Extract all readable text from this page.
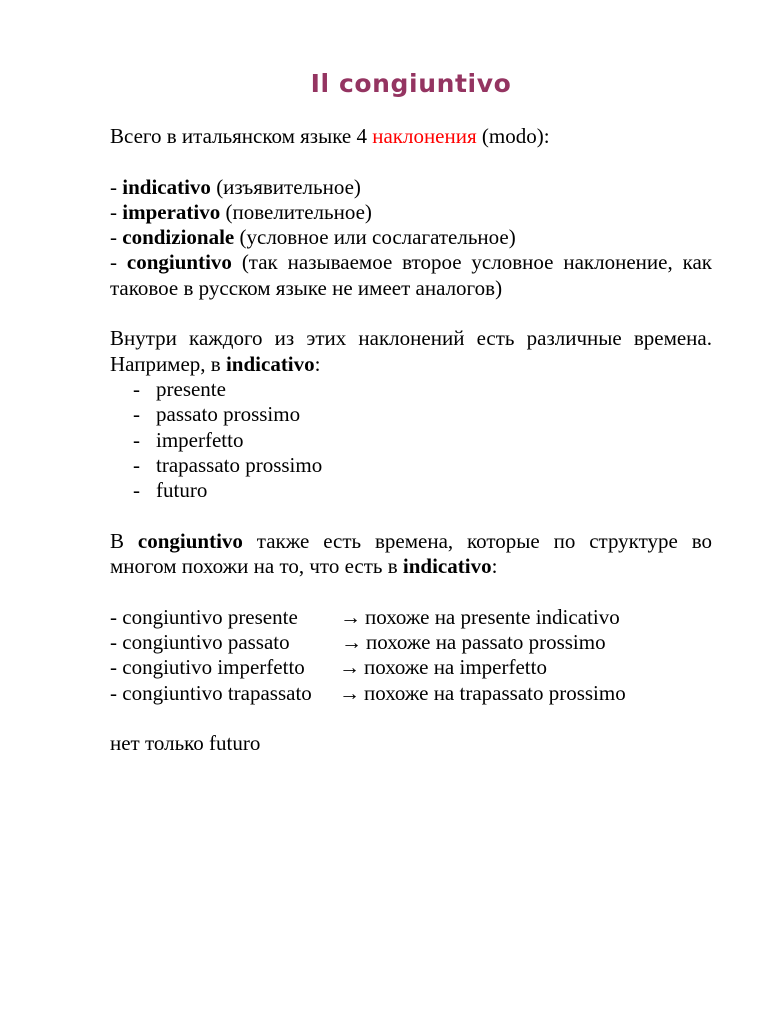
Il congiuntivo

Всего в итальянском языке 4 наклонения (modo):

- indicativo (изъявительное)

- imperativo (повелительное)

- condizionale (условное или сослагательное)

- congiuntivo (так называемое второе условное наклонение, как таковое в русском языке не имеет аналогов)

Внутри каждого из этих наклонений есть различные времена. Например, в indicativo:

- presente
- passato prossimo
- imperfetto
- trapassato prossimo
- futuro

В congiuntivo также есть времена, которые по структуре во многом похожи на то, что есть в indicativo:

- congiuntivo presente → похоже на presente indicativo

- congiuntivo passato → похоже на passato prossimo

- congiutivo imperfetto → похоже на imperfetto

- congiuntivo trapassato → похоже на trapassato prossimo

нет только futuro
